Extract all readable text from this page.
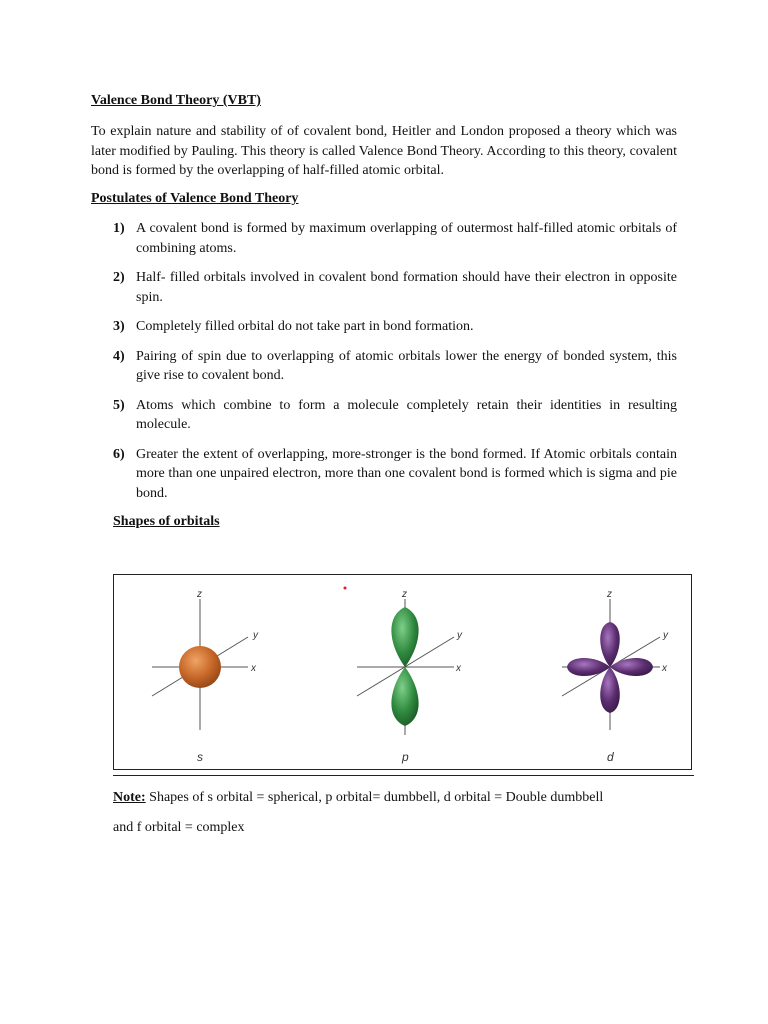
Valence Bond Theory (VBT)

To explain nature and stability of of covalent bond, Heitler and London proposed a theory which was later modified by Pauling. This theory is called Valence Bond Theory. According to this theory, covalent bond is formed by the overlapping of half-filled atomic orbital.

Postulates of Valence Bond Theory
1) A covalent bond is formed by maximum overlapping of outermost half-filled atomic orbitals of combining atoms.
2) Half- filled orbitals involved in covalent bond formation should have their electron in opposite spin.
3) Completely filled orbital do not take part in bond formation.
4) Pairing of spin due to overlapping of atomic orbitals lower the energy of bonded system, this give rise to covalent bond.
5) Atoms which combine to form a molecule completely retain their identities in resulting molecule.
6) Greater the extent of overlapping, more-stronger is the bond formed. If Atomic orbitals contain more than one unpaired electron, more than one covalent bond is formed which is sigma and pie bond.
Shapes of orbitals
z
y
x
s
z
y
x
p
z
y
x
d
Note: Shapes of s orbital = spherical, p orbital= dumbbell, d orbital = Double dumbbell
and f orbital = complex
